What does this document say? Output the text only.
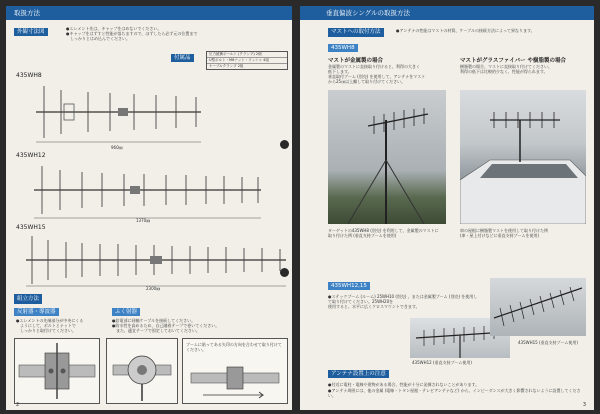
取扱方法
外観寸法図
●エレメント先は、キャップをはめないでください。
●キャップをはずすと性能が落ちますので、ほずしたら必ず元の位置まで
　しっかりとはめ込んでください。
付属品
圧力緩衝ボールト (クランプ) 2個
U型ボルト・M6ナット・ワッシャ 4組
ケーブルクランプ 2組
435WH8
960㎜
435WH12
1370㎜
435WH15
2300㎜
組立方法
反射器・導波器
●エレメントの先端部分が中央にくる
　ようにして、ボルトとナットで
　しっかりと取付けてください。
ふく射器
●給電部に同軸ケーブルを接続してください。
●防水性を高めるため、自己融着テープで巻いてください。
　また、適宜テープで固定しておいてください。
ブームに貼ってある矢印の方向を合わせて取り付けてください。
2
垂直偏波シングルの取扱方法
マストへの取付方法	●アンテナの性能はマストの材質、ケーブルの接続方法によって異なります。
435WH8
マストが金属製の場合
金属製のマストに直接取り付けると、利得の大きく
低下します。
垂直取付ブーム (別売) を使用して、アンテナをマスト
から25㎝以上離して取り付けてください。
マストがグラスファイバー や樹脂製の場合
樹脂製の場合、マストに直接取り付けてください。
利得の低下は比較的少なく、性能が得られます。
ターゲットの435WH8 (別売) を利用して、金属製のマストに
取り付けた例 (垂直支持ブームを使用)
車の屋根に樹脂製マストを使用して取り付けた例
(車・屋上付けなどに垂直支持ブームを使用)
435WH12,15
●ステックブーム (ルーム) 25WH10 (別売) 、または金属製ブーム (別売) を使用して取り付けてください。25WH20を
使用すると、水平に広くクロスマウントできます。
435WH12 (垂直支持ブーム使用)
435WH15 (垂直支持ブーム使用)
アンテナ設置上の注意
●付近に電柱・電線や建物がある場合、性能が十分に発揮されないことがあります。
●アンテナ周囲には、他の金属 (電線・トタン屋根・テレビアンテナなど) から、インピーダンスが大きく影響されないように設置してください。
3
